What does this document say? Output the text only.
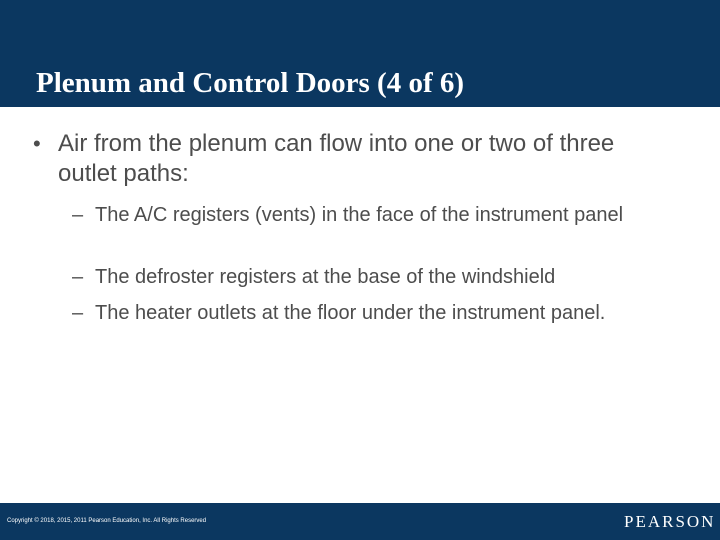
Plenum and Control Doors (4 of 6)
• Air from the plenum can flow into one or two of three outlet paths:
– The A/C registers (vents) in the face of the instrument panel
– The defroster registers at the base of the windshield
– The heater outlets at the floor under the instrument panel.
Copyright © 2018, 2015, 2011 Pearson Education, Inc. All Rights Reserved	PEARSON
